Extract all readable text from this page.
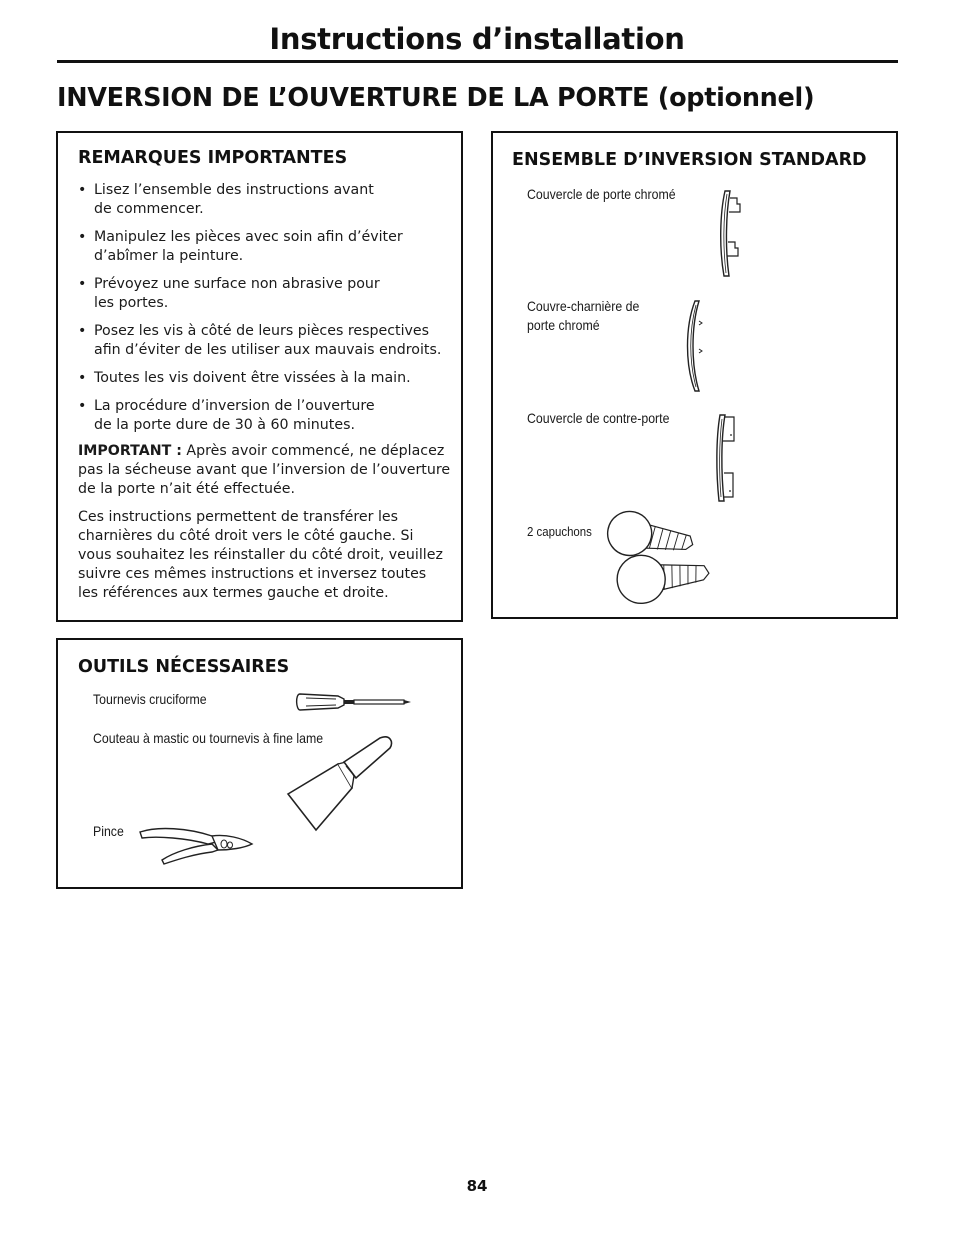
Instructions d’installation
INVERSION DE L’OUVERTURE DE LA PORTE (optionnel)
REMARQUES IMPORTANTES
• Lisez l’ensemble des instructions avant de commencer.
• Manipulez les pièces avec soin afin d’éviter d’abîmer la peinture.
• Prévoyez une surface non abrasive pour les portes.
• Posez les vis à côté de leurs pièces respectives afin d’éviter de les utiliser aux mauvais endroits.
• Toutes les vis doivent être vissées à la main.
• La procédure d’inversion de l’ouverture de la porte dure de 30 à 60 minutes.
IMPORTANT : Après avoir commencé, ne déplacez pas la sécheuse avant que l’inversion de l’ouverture de la porte n’ait été effectuée.
Ces instructions permettent de transférer les charnières du côté droit vers le côté gauche. Si vous souhaitez les réinstaller du côté droit, veuillez suivre ces mêmes instructions et inversez toutes les références aux termes gauche et droite.
ENSEMBLE D’INVERSION STANDARD
Couvercle de porte chromé
Couvre-charnière de porte chromé
Couvercle de contre-porte
2 capuchons
OUTILS NÉCESSAIRES
Tournevis cruciforme
Couteau à mastic ou tournevis à fine lame
Pince
84
